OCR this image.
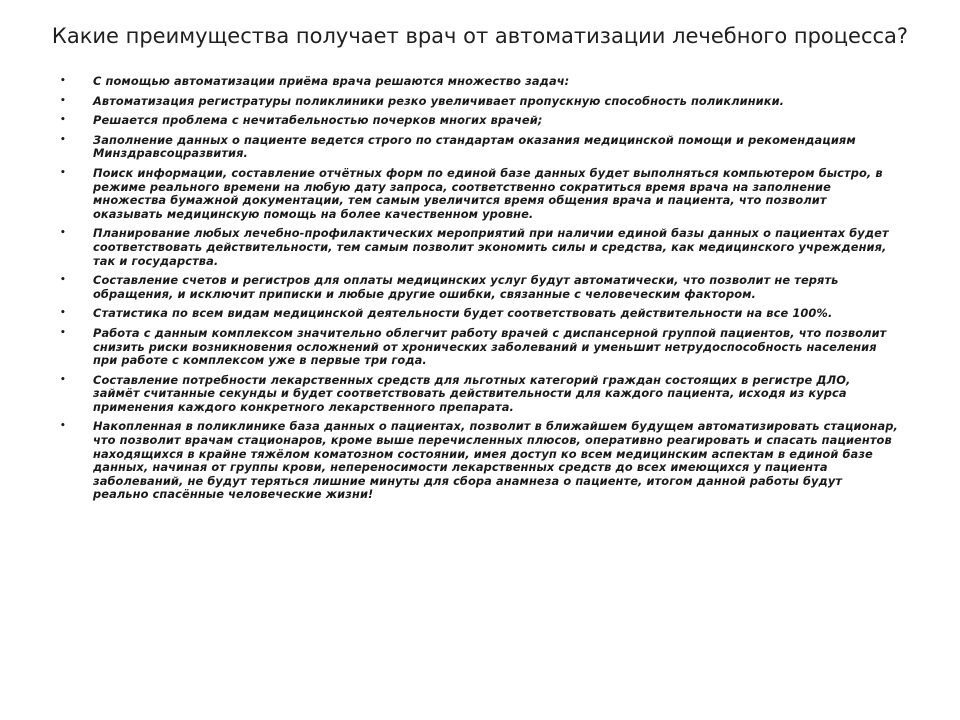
Какие преимущества получает врач от автоматизации лечебного процесса?
• С помощью автоматизации приёма врача решаются множество задач:
• Автоматизация регистратуры поликлиники резко увеличивает пропускную способность поликлиники.
• Решается проблема с нечитабельностью почерков многих врачей;
• Заполнение данных о пациенте ведется строго по стандартам оказания медицинской помощи и рекомендациям Минздравсоцразвития.
• Поиск информации, составление отчётных форм по единой базе данных будет выполняться компьютером быстро, в режиме реального времени на любую дату запроса, соответственно сократиться время врача на заполнение множества бумажной документации, тем самым увеличится время общения врача и пациента, что позволит оказывать медицинскую помощь на более качественном уровне.
• Планирование любых лечебно-профилактических мероприятий при наличии единой базы данных о пациентах будет соответствовать действительности, тем самым позволит экономить силы и средства, как медицинского учреждения, так и государства.
• Составление счетов и регистров для оплаты медицинских услуг будут автоматически, что позволит не терять обращения, и исключит приписки и любые другие ошибки, связанные с человеческим фактором.
• Статистика по всем видам медицинской деятельности будет соответствовать действительности на все 100%.
• Работа с данным комплексом значительно облегчит работу врачей с диспансерной группой пациентов, что позволит снизить риски возникновения осложнений от хронических заболеваний и уменьшит нетрудоспособность населения при работе с комплексом уже в первые три года.
• Составление потребности лекарственных средств для льготных категорий граждан состоящих в регистре ДЛО, займёт считанные секунды и будет соответствовать действительности для каждого пациента, исходя из курса применения каждого конкретного лекарственного препарата.
• Накопленная в поликлинике база данных о пациентах, позволит в ближайшем будущем автоматизировать стационар, что позволит врачам стационаров, кроме выше перечисленных плюсов, оперативно реагировать и спасать пациентов находящихся в крайне тяжёлом коматозном состоянии, имея доступ ко всем медицинским аспектам в единой базе данных, начиная от группы крови, непереносимости лекарственных средств до всех имеющихся у пациента заболеваний, не будут теряться лишние минуты для сбора анамнеза о пациенте, итогом данной работы будут реально спасённые человеческие жизни!
